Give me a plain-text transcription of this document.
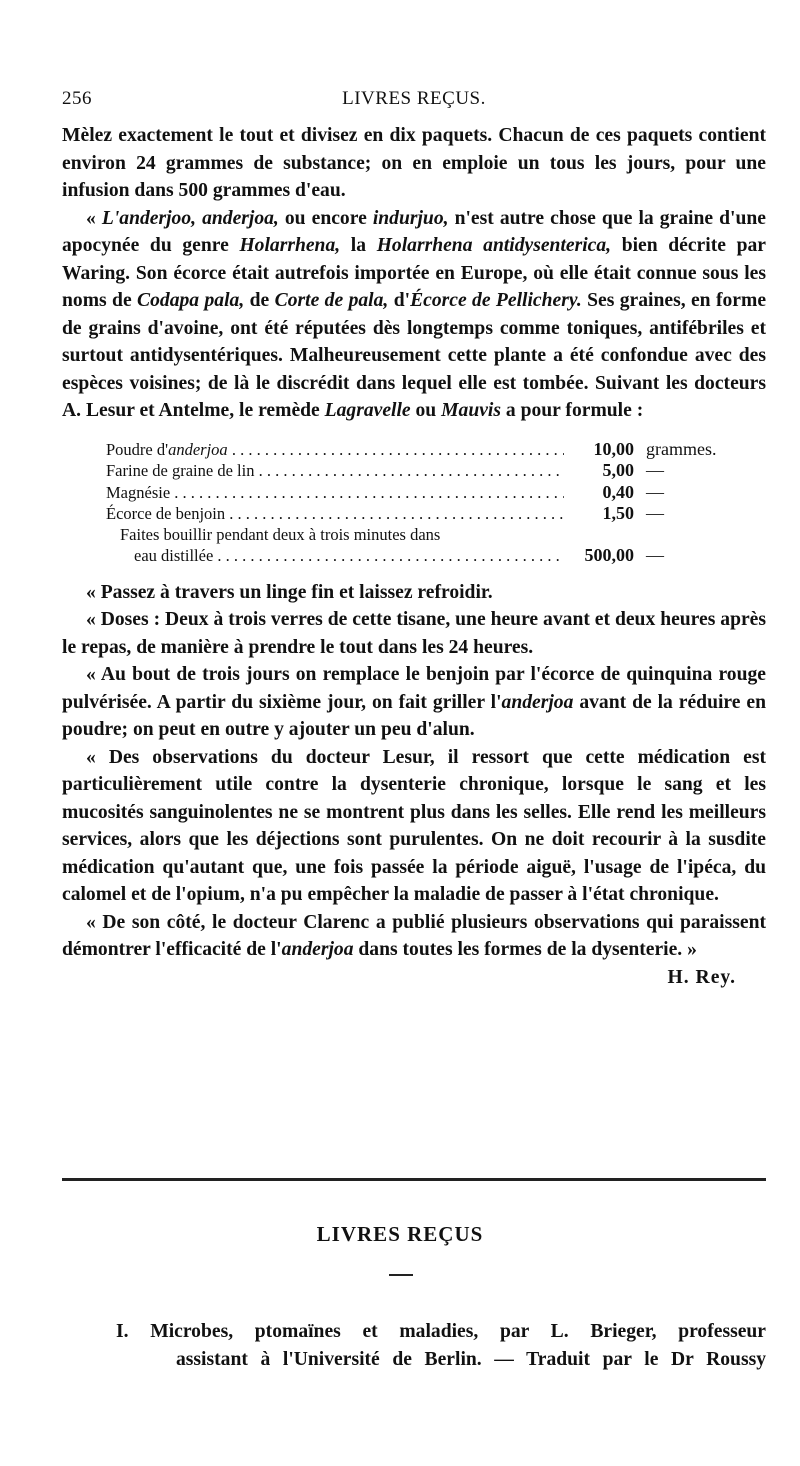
256	LIVRES REÇUS.

Mèlez exactement le tout et divisez en dix paquets. Chacun de ces paquets contient environ 24 grammes de substance; on en emploie un tous les jours, pour une infusion dans 500 grammes d'eau.

« L'anderjoo, anderjoa, ou encore indurjuo, n'est autre chose que la graine d'une apocynée du genre Holarrhena, la Holarrhena antidysenterica, bien décrite par Waring. Son écorce était autrefois importée en Europe, où elle était connue sous les noms de Codapa pala, de Corte de pala, d'Écorce de Pellichery. Ses graines, en forme de grains d'avoine, ont été réputées dès longtemps comme toniques, antifébriles et surtout antidysentériques. Malheureusement cette plante a été confondue avec des espèces voisines; de là le discrédit dans lequel elle est tombée. Suivant les docteurs A. Lesur et Antelme, le remède Lagravelle ou Mauvis a pour formule :

Poudre d'anderjoa . . .	10,00 grammes.
Farine de graine de lin . . .	5,00 —
Magnésie . . .	0,40 —
Écorce de benjoin . . .	1,50 —
Faites bouillir pendant deux à trois minutes dans
eau distillée . . .	500,00 —

« Passez à travers un linge fin et laissez refroidir.

« Doses : Deux à trois verres de cette tisane, une heure avant et deux heures après le repas, de manière à prendre le tout dans les 24 heures.

« Au bout de trois jours on remplace le benjoin par l'écorce de quinquina rouge pulvérisée. A partir du sixième jour, on fait griller l'anderjoa avant de la réduire en poudre; on peut en outre y ajouter un peu d'alun.

« Des observations du docteur Lesur, il ressort que cette médication est particulièrement utile contre la dysenterie chronique, lorsque le sang et les mucosités sanguinolentes ne se montrent plus dans les selles. Elle rend les meilleurs services, alors que les déjections sont purulentes. On ne doit recourir à la susdite médication qu'autant que, une fois passée la période aiguë, l'usage de l'ipéca, du calomel et de l'opium, n'a pu empêcher la maladie de passer à l'état chronique.

« De son côté, le docteur Clarenc a publié plusieurs observations qui paraissent démontrer l'efficacité de l'anderjoa dans toutes les formes de la dysenterie. »

H. Rey.

LIVRES REÇUS
I. Microbes, ptomaïnes et maladies, par L. Brieger, professeur
assistant à l'Université de Berlin. — Traduit par le Dr Roussy
